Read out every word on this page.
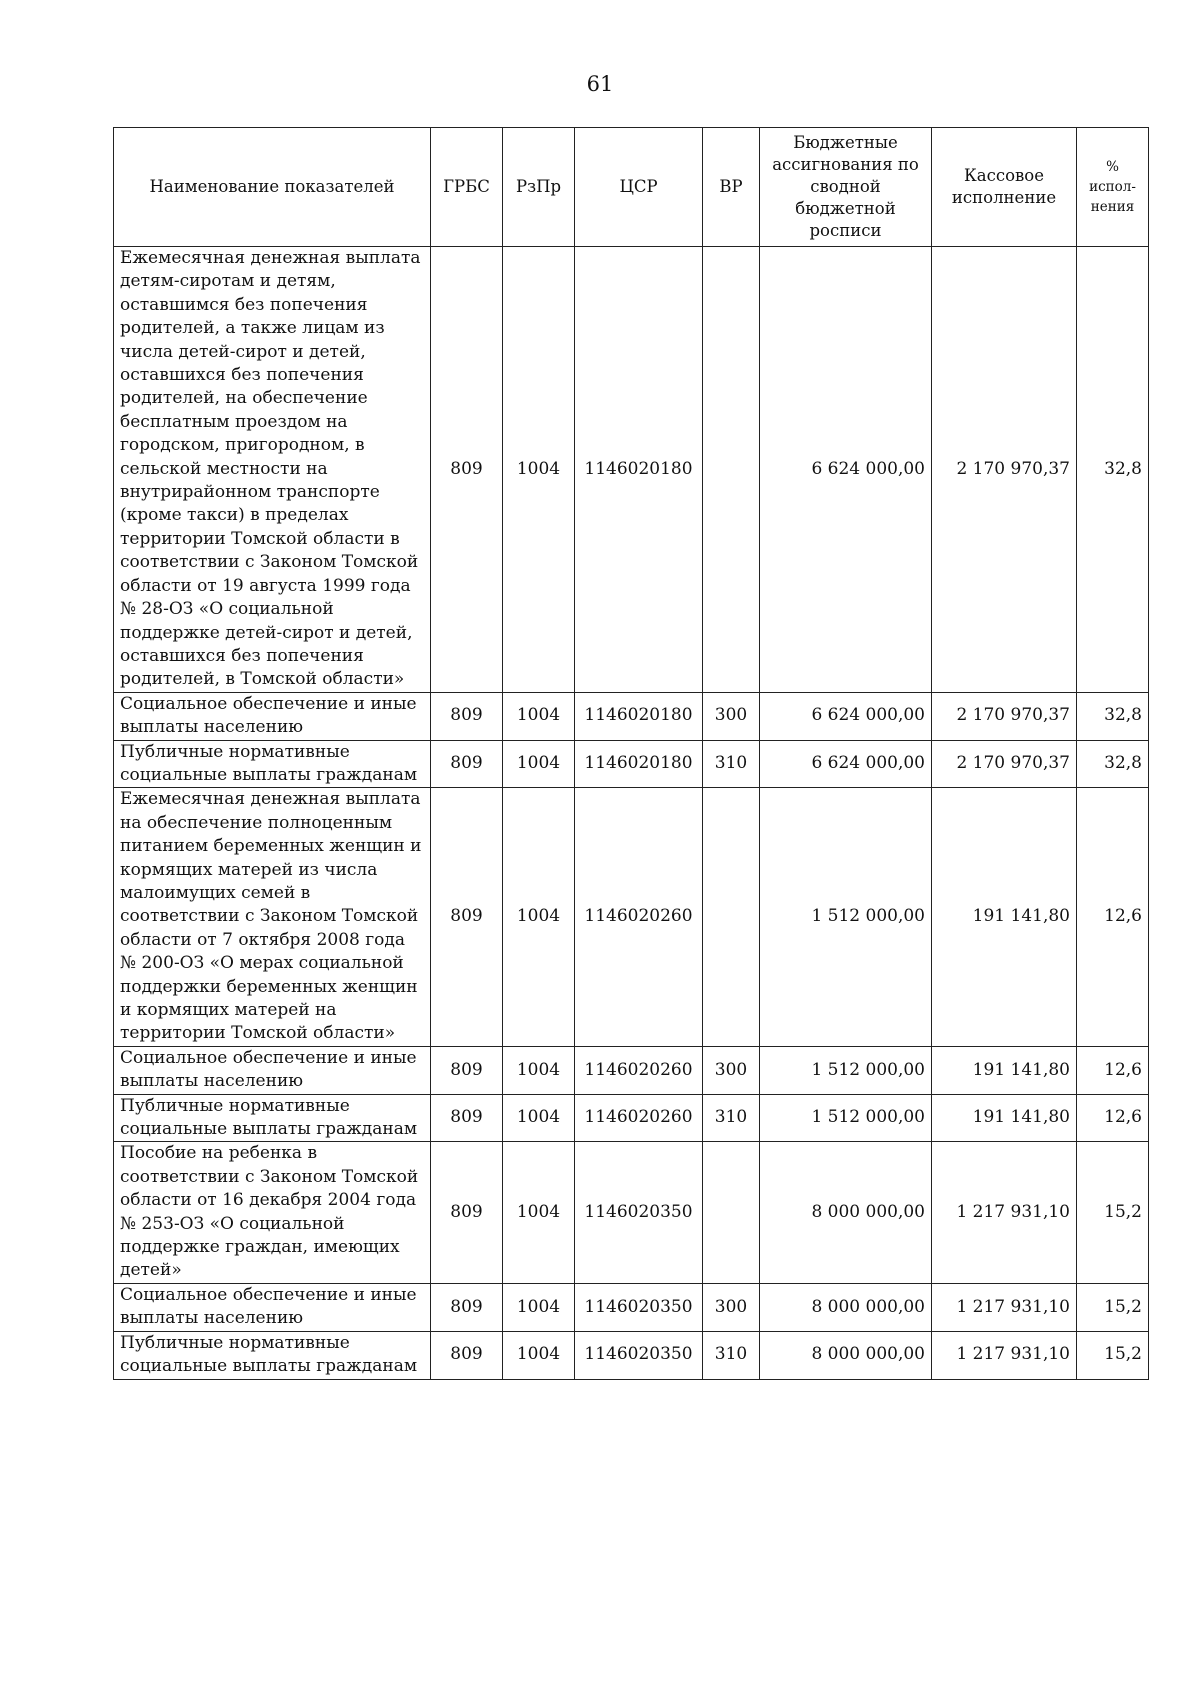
61
Наименование показателей	ГРБС	РзПр	ЦСР	ВР	Бюджетные ассигнования по сводной бюджетной росписи	Кассовое исполнение	% испол-нения
Ежемесячная денежная выплата детям-сиротам и детям, оставшимся без попечения родителей, а также лицам из числа детей-сирот и детей, оставшихся без попечения родителей, на обеспечение бесплатным проездом на городском, пригородном, в сельской местности на внутрирайонном транспорте (кроме такси) в пределах территории Томской области в соответствии с Законом Томской области от 19 августа 1999 года № 28-ОЗ «О социальной поддержке детей-сирот и детей, оставшихся без попечения родителей, в Томской области»	809	1004	1146020180		6 624 000,00	2 170 970,37	32,8
Социальное обеспечение и иные выплаты населению	809	1004	1146020180	300	6 624 000,00	2 170 970,37	32,8
Публичные нормативные социальные выплаты гражданам	809	1004	1146020180	310	6 624 000,00	2 170 970,37	32,8
Ежемесячная денежная выплата на обеспечение полноценным питанием беременных женщин и кормящих матерей из числа малоимущих семей в соответствии с Законом Томской области от 7 октября 2008 года № 200-ОЗ «О мерах социальной поддержки беременных женщин и кормящих матерей на территории Томской области»	809	1004	1146020260		1 512 000,00	191 141,80	12,6
Социальное обеспечение и иные выплаты населению	809	1004	1146020260	300	1 512 000,00	191 141,80	12,6
Публичные нормативные социальные выплаты гражданам	809	1004	1146020260	310	1 512 000,00	191 141,80	12,6
Пособие на ребенка в соответствии с Законом Томской области от 16 декабря 2004 года № 253-ОЗ «О социальной поддержке граждан, имеющих детей»	809	1004	1146020350		8 000 000,00	1 217 931,10	15,2
Социальное обеспечение и иные выплаты населению	809	1004	1146020350	300	8 000 000,00	1 217 931,10	15,2
Публичные нормативные социальные выплаты гражданам	809	1004	1146020350	310	8 000 000,00	1 217 931,10	15,2
